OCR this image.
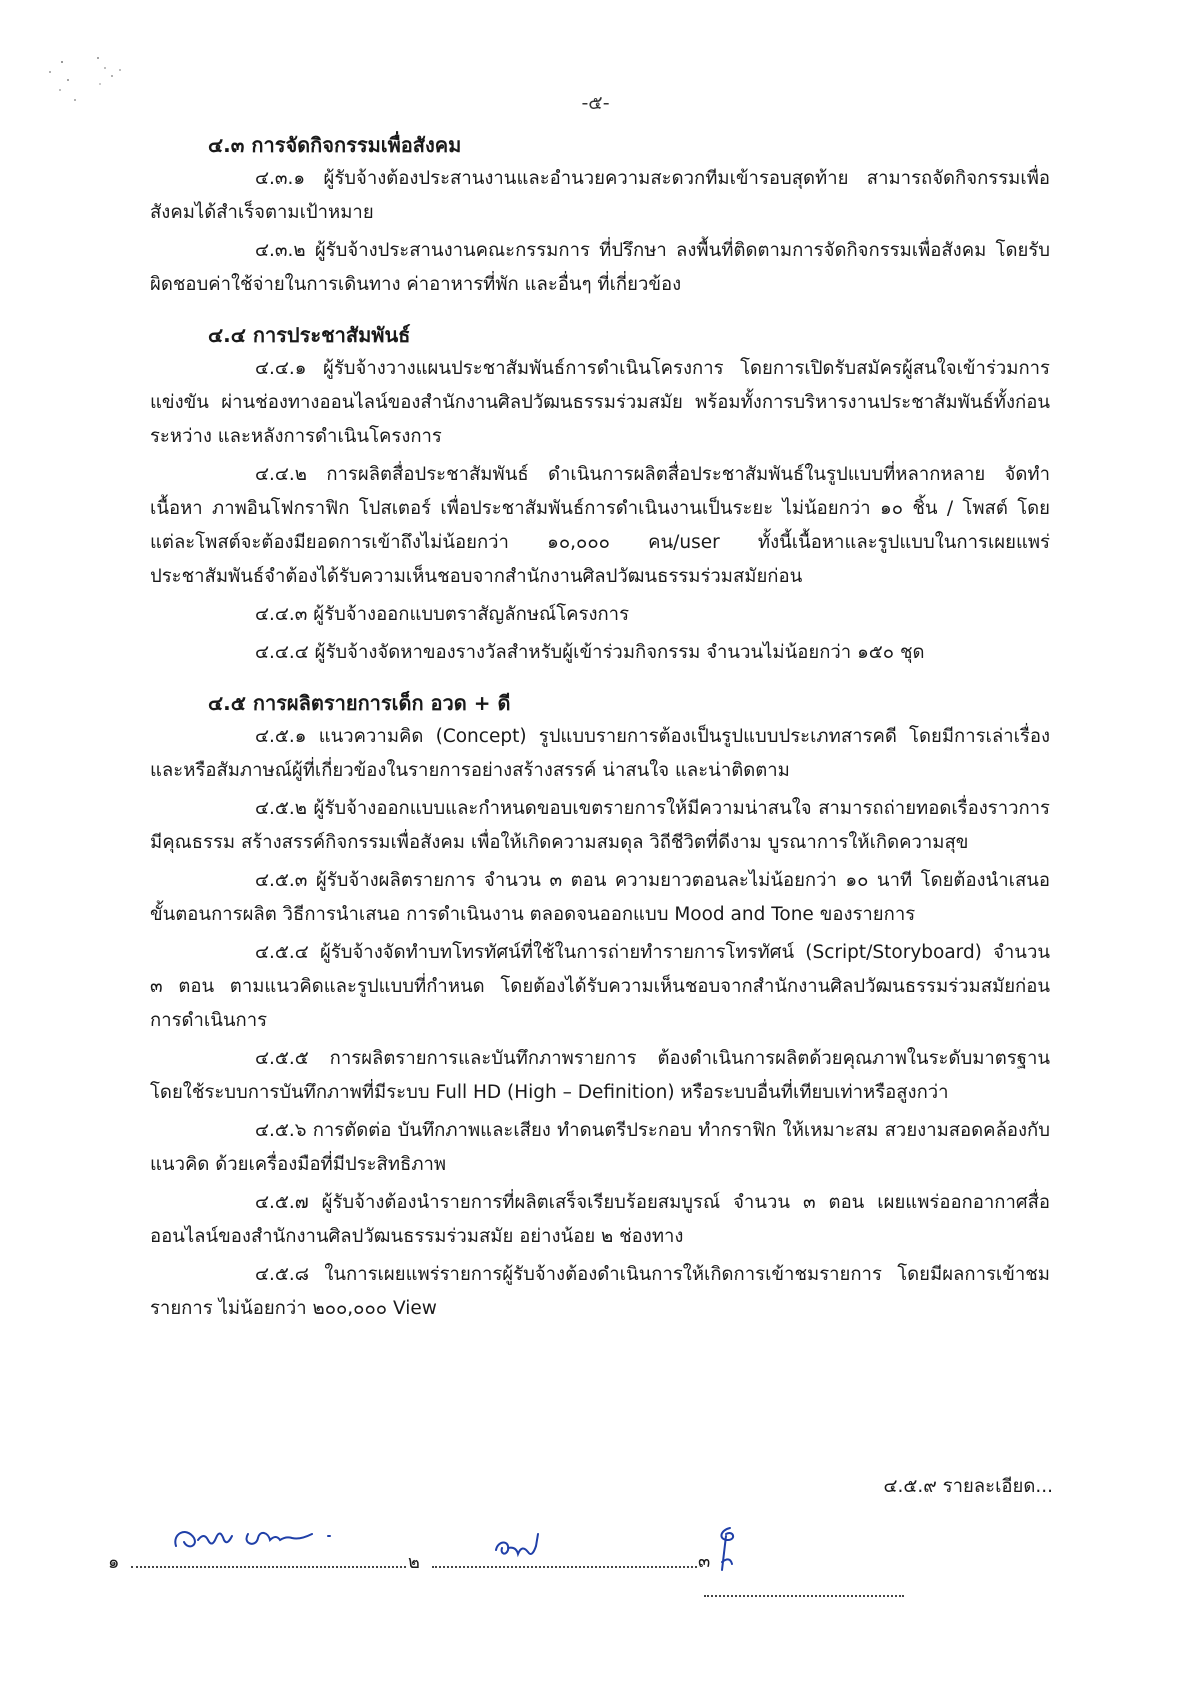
-๕-

๔.๓ การจัดกิจกรรมเพื่อสังคม

๔.๓.๑ ผู้รับจ้างต้องประสานงานและอำนวยความสะดวกทีมเข้ารอบสุดท้าย สามารถจัดกิจกรรมเพื่อสังคมได้สำเร็จตามเป้าหมาย

๔.๓.๒ ผู้รับจ้างประสานงานคณะกรรมการ ที่ปรึกษา ลงพื้นที่ติดตามการจัดกิจกรรมเพื่อสังคม โดยรับผิดชอบค่าใช้จ่ายในการเดินทาง ค่าอาหารที่พัก และอื่นๆ ที่เกี่ยวข้อง

๔.๔ การประชาสัมพันธ์

๔.๔.๑ ผู้รับจ้างวางแผนประชาสัมพันธ์การดำเนินโครงการ โดยการเปิดรับสมัครผู้สนใจเข้าร่วมการแข่งขัน ผ่านช่องทางออนไลน์ของสำนักงานศิลปวัฒนธรรมร่วมสมัย พร้อมทั้งการบริหารงานประชาสัมพันธ์ทั้งก่อน ระหว่าง และหลังการดำเนินโครงการ

๔.๔.๒ การผลิตสื่อประชาสัมพันธ์ ดำเนินการผลิตสื่อประชาสัมพันธ์ในรูปแบบที่หลากหลาย จัดทำเนื้อหา ภาพอินโฟกราฟิก โปสเตอร์ เพื่อประชาสัมพันธ์การดำเนินงานเป็นระยะ ไม่น้อยกว่า ๑๐ ชิ้น / โพสต์ โดยแต่ละโพสต์จะต้องมียอดการเข้าถึงไม่น้อยกว่า ๑๐,๐๐๐ คน/user ทั้งนี้เนื้อหาและรูปแบบในการเผยแพร่ประชาสัมพันธ์จำต้องได้รับความเห็นชอบจากสำนักงานศิลปวัฒนธรรมร่วมสมัยก่อน

๔.๔.๓ ผู้รับจ้างออกแบบตราสัญลักษณ์โครงการ

๔.๔.๔ ผู้รับจ้างจัดหาของรางวัลสำหรับผู้เข้าร่วมกิจกรรม จำนวนไม่น้อยกว่า ๑๕๐ ชุด

๔.๕ การผลิตรายการเด็ก อวด + ดี

๔.๕.๑ แนวความคิด (Concept) รูปแบบรายการต้องเป็นรูปแบบประเภทสารคดี โดยมีการเล่าเรื่องและหรือสัมภาษณ์ผู้ที่เกี่ยวข้องในรายการอย่างสร้างสรรค์ น่าสนใจ และน่าติดตาม

๔.๕.๒ ผู้รับจ้างออกแบบและกำหนดขอบเขตรายการให้มีความน่าสนใจ สามารถถ่ายทอดเรื่องราวการมีคุณธรรม สร้างสรรค์กิจกรรมเพื่อสังคม เพื่อให้เกิดความสมดุล วิถีชีวิตที่ดีงาม บูรณาการให้เกิดความสุข

๔.๕.๓ ผู้รับจ้างผลิตรายการ จำนวน ๓ ตอน ความยาวตอนละไม่น้อยกว่า ๑๐ นาที โดยต้องนำเสนอขั้นตอนการผลิต วิธีการนำเสนอ การดำเนินงาน ตลอดจนออกแบบ Mood and Tone ของรายการ

๔.๕.๔ ผู้รับจ้างจัดทำบทโทรทัศน์ที่ใช้ในการถ่ายทำรายการโทรทัศน์ (Script/Storyboard) จำนวน ๓ ตอน ตามแนวคิดและรูปแบบที่กำหนด โดยต้องได้รับความเห็นชอบจากสำนักงานศิลปวัฒนธรรมร่วมสมัยก่อนการดำเนินการ

๔.๕.๕ การผลิตรายการและบันทึกภาพรายการ ต้องดำเนินการผลิตด้วยคุณภาพในระดับมาตรฐาน โดยใช้ระบบการบันทึกภาพที่มีระบบ Full HD (High – Definition) หรือระบบอื่นที่เทียบเท่าหรือสูงกว่า

๔.๕.๖ การตัดต่อ บันทึกภาพและเสียง ทำดนตรีประกอบ ทำกราฟิก ให้เหมาะสม สวยงามสอดคล้องกับแนวคิด ด้วยเครื่องมือที่มีประสิทธิภาพ

๔.๕.๗ ผู้รับจ้างต้องนำรายการที่ผลิตเสร็จเรียบร้อยสมบูรณ์ จำนวน ๓ ตอน เผยแพร่ออกอากาศสื่อออนไลน์ของสำนักงานศิลปวัฒนธรรมร่วมสมัย อย่างน้อย ๒ ช่องทาง

๔.๕.๘ ในการเผยแพร่รายการผู้รับจ้างต้องดำเนินการให้เกิดการเข้าชมรายการ โดยมีผลการเข้าชมรายการ ไม่น้อยกว่า ๒๐๐,๐๐๐ View

๔.๕.๙ รายละเอียด...
๑	๒	๓
